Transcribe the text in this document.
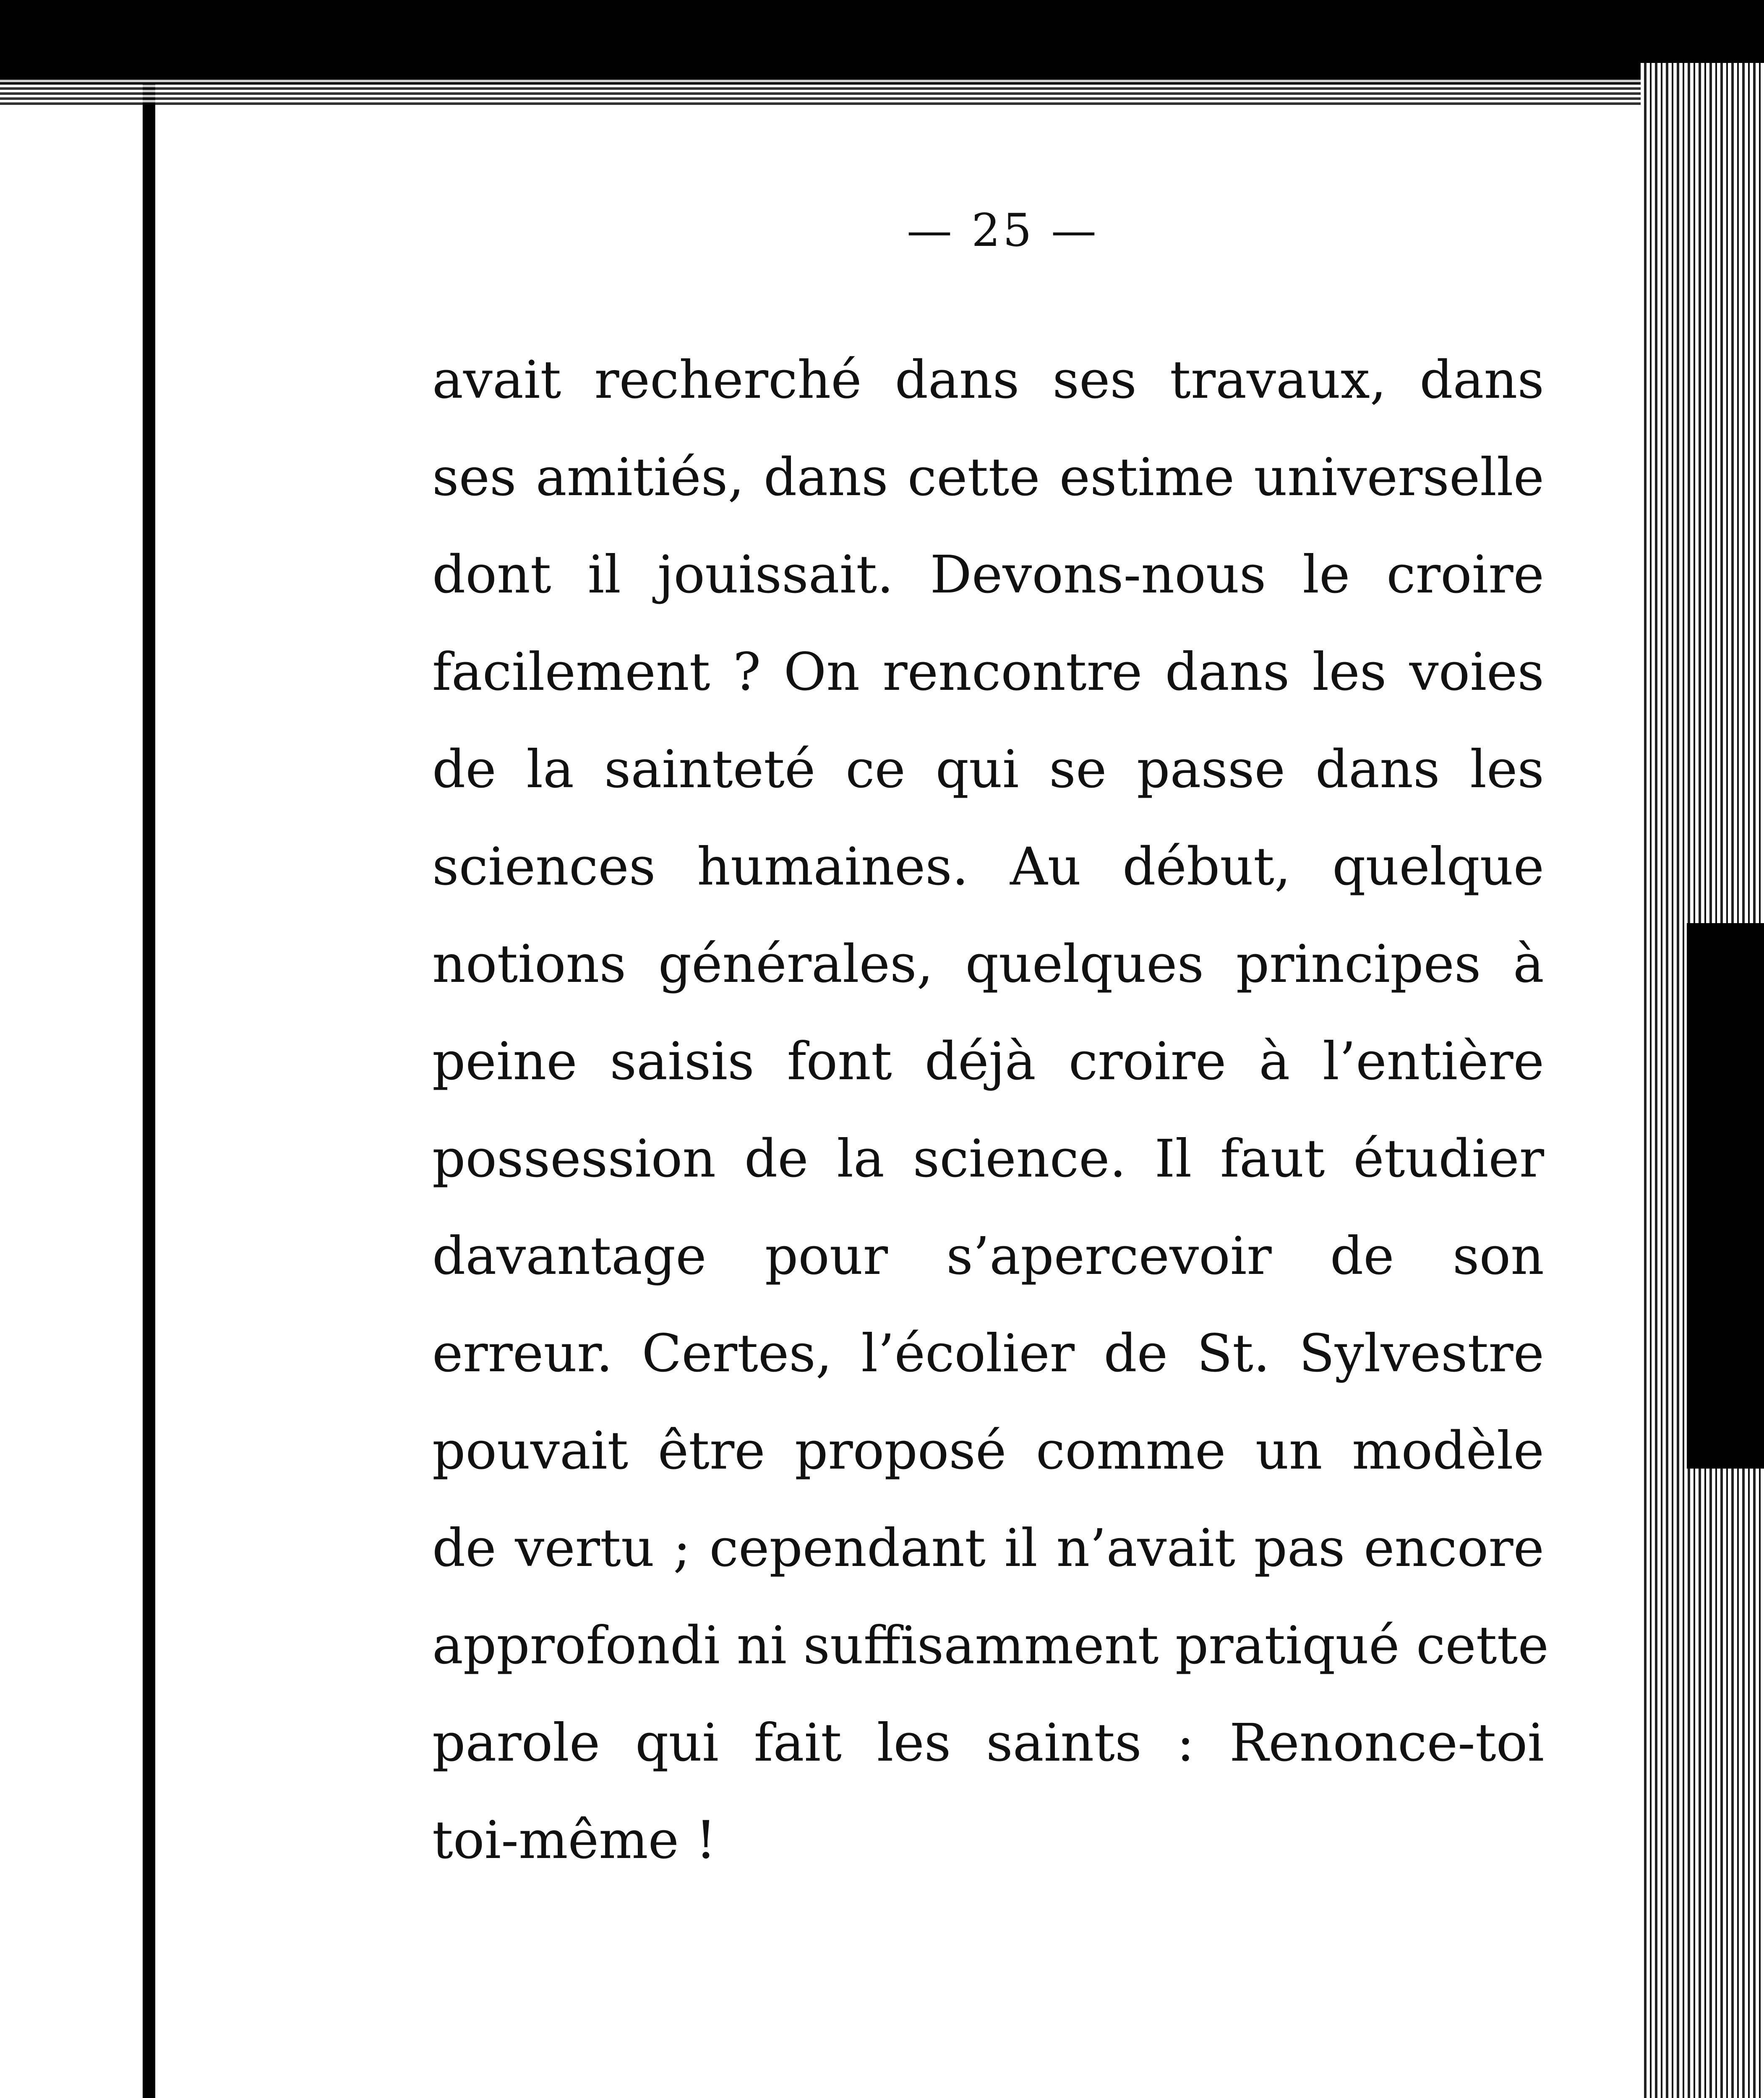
— 25 —
avait recherché dans ses travaux, dans
ses amitiés, dans cette estime universelle
dont il jouissait. Devons-nous le croire
facilement ? On rencontre dans les voies
de la sainteté ce qui se passe dans les
sciences humaines. Au début, quelque
notions générales, quelques principes à
peine saisis font déjà croire à l’entière
possession de la science. Il faut étudier
davantage pour s’apercevoir de son
erreur. Certes, l’écolier de St. Sylvestre
pouvait être proposé comme un modèle
de vertu ; cependant il n’avait pas encore
approfondi ni suffisamment pratiqué cette
parole qui fait les saints : Renonce-toi
toi-même !
